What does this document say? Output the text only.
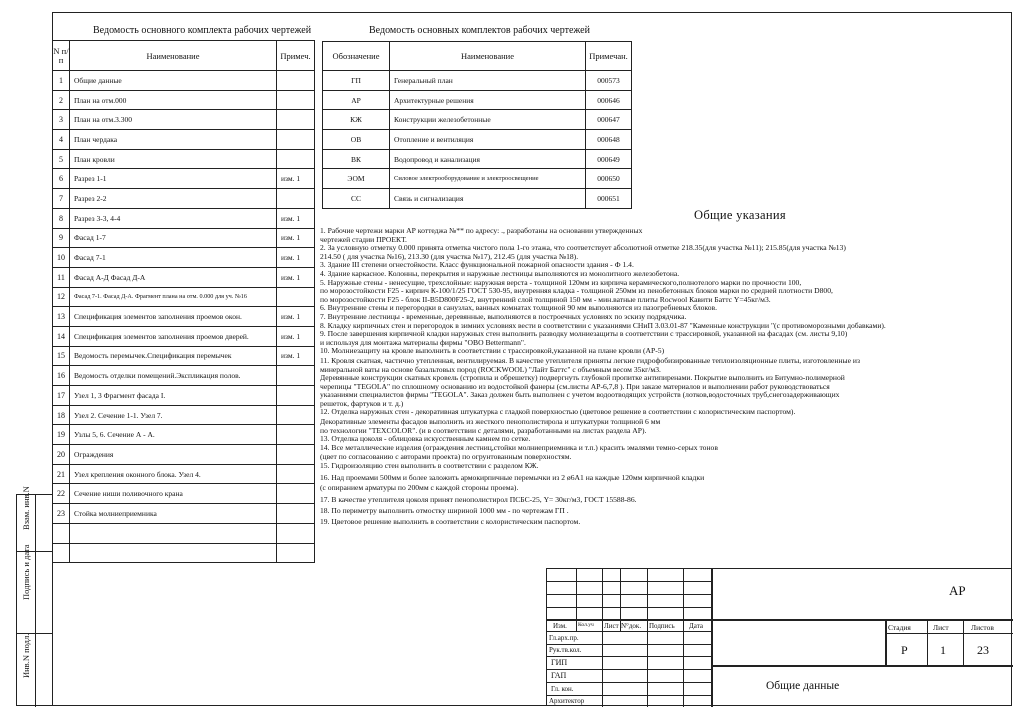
Взам. инв.N
Подпись и дата
Инв.N подл.
Ведомость основного комплекта рабочих чертежей
N п/п	Наименование	Примеч.
1	Общие данные	
2	План на отм.000	
3	План на отм.3.300	
4	План чердака	
5	План кровли	
6	Разрез 1-1	изм. 1
7	Разрез 2-2	
8	Разрез 3-3, 4-4	изм. 1
9	Фасад 1-7	изм. 1
10	Фасад 7-1	изм. 1
11	Фасад А-Д Фасад Д-А	изм. 1
12	Фасад 7-1. Фасад Д-А. Фрагмент плана на отм. 0.000 для уч. №16	
13	Спецификация элементов заполнения проемов окон.	изм. 1
14	Спецификация элементов заполнения проемов дверей.	изм. 1
15	Ведомость перемычек.Спецификация перемычек	изм. 1
16	Ведомость отделки помещений.Экспликация полов.	
17	Узел 1, 3 Фрагмент фасада I.	
18	Узел 2. Сечение 1-1. Узел 7.	
19	Узлы 5, 6. Сечение А - А.	
20	Ограждения	
21	Узел крепления оконного блока. Узел 4.	
22	Сечение ниши поливочного крана	
23	Стойка молниеприемника	

Ведомость основных комплектов рабочих чертежей
Обозначение	Наименование	Примечан.
ГП	Генеральный план	000573
АР	Архитектурные решения	000646
КЖ	Конструкции железобетонные	000647
ОВ	Отопление и вентиляция	000648
ВК	Водопровод и канализация	000649
ЭОМ	Силовое электрооборудование и электроосвещение	000650
СС	Связь и сигнализация	000651
Общие указания
1. Рабочие чертежи марки АР коттеджа №** по адресу: ., разработаны на основании утвержденных
чертежей стадии ПРОЕКТ.
2. За условную отметку 0.000 принята отметка чистого пола 1-го этажа, что соответствует абсолютной отметке 218.35(для участка №11); 215.85(для участка №13)
214.50 ( для участка №16), 213.30 (для участка №17), 212.45 (для участка №18).
3. Здание III степени огнестойкости. Класс функциональной пожарной опасности здания - Ф 1.4.
4. Здание каркасное. Колонны, перекрытия и наружные лестницы выполняются из монолитного железобетона.
5. Наружные стены - ненесущие, трехслойные: наружная верста - толщиной 120мм из кирпича керамического,полнотелого марки по прочности 100,
по морозостойкости F25 - кирпич К-100/1/25 ГОСТ 530-95, внутренняя кладка - толщиной 250мм из пенобетонных блоков марки по средней плотности D800,
по морозостойкости F25 - блок II-В5D800F25-2, внутренний слой толщиной 150 мм - мин.ватные плиты Rocwool Кавити Баттс Y=45кг/м3.
6. Внутренние стены и перегородки в санузлах, ванных комнатах толщиной 90 мм выполняются из пазогребневых блоков.
7. Внутренние лестницы - временные, деревянные, выполняются в построечных условиях по эскизу подрядчика.
8. Кладку кирпичных стен и перегородок в зимних условиях вести в соответствии с указаниями СНиП 3.03.01-87 "Каменные конструкции "(с противоморозными добавками).
9. После завершения кирпичной кладки наружных стен выполнить разводку молниезащиты в соответствии с трассировкой, указанной на фасадах (см. листы 9,10)
и используя для монтажа материалы фирмы "ОВО Bettermann".
10. Молниезащиту на кровле выполнить в соответствии с трассировкой,указанной на плане кровли (АР-5)
11. Кровля скатная, частично утепленная, вентилируемая. В качестве утеплителя приняты легкие гидрофобизированные теплоизоляционные плиты, изготовленные из
минеральной ваты на основе базальтовых пород (ROCKWOOL) "Лайт Баттс" с объемным весом 35кг/м3.
Деревянные конструкции скатных кровель (стропила и обрешетку) подвергнуть глубокой пропитке антипиренами. Покрытие выполнить из Битумно-полимерной
черепицы "TEGOLA" по сплошному основанию из водостойкой фанеры (см.листы АР-6,7,8 ). При заказе материалов и выполнении работ руководствоваться
указаниями специалистов фирмы "TEGOLA". Заказ должен быть выполнен с учетом водоотводящих устройств (лотков,водосточных труб,снегозадерживающих
решеток, фартуков и т. д.)
12. Отделка наружных стен - декоративная штукатурка с гладкой поверхностью (цветовое решение в соответствии с колористическим паспортом).
Декоративные элементы фасадов выполнить из жесткого пенополистирола и штукатурки толщиной 6 мм
по технологии "TEXCOLOR". (и в соответствии с деталями, разработанными на листах раздела АР).
13. Отделка цоколя - облицовка искусственным камнем по сетке.
14. Все металлические изделия (ограждения лестниц,стойки молниеприемника и т.п.) красить эмалями темно-серых тонов
(цвет по согласованию с авторами проекта) по огрунтованным поверхностям.
15. Гидроизоляцию стен выполнить в соответствии с разделом КЖ.
16. Над проемами 500мм и более заложить армокирпичные перемычки из 2 ø6A1 на каждые 120мм кирпичной кладки
(с опиранием арматуры по 200мм с каждой стороны проема).
17. В качестве утеплителя цоколя принят пенополистирол ПСБС-25, Y= 30кг/м3, ГОСТ 15588-86.
18. По периметру выполнить отмостку шириной 1000 мм - по чертежам ГП .
19. Цветовое решение выполнить в соответствии с колористическим паспортом.
Изм. Кол.уч Лист N°док. Подпись Дата
Гл.арх.пр.
Рук.тв.кол.
ГИП
ГАП
Гл. кон.
Архитектор
АР
Стадия	Лист	Листов
Р	1	23
Общие данные
